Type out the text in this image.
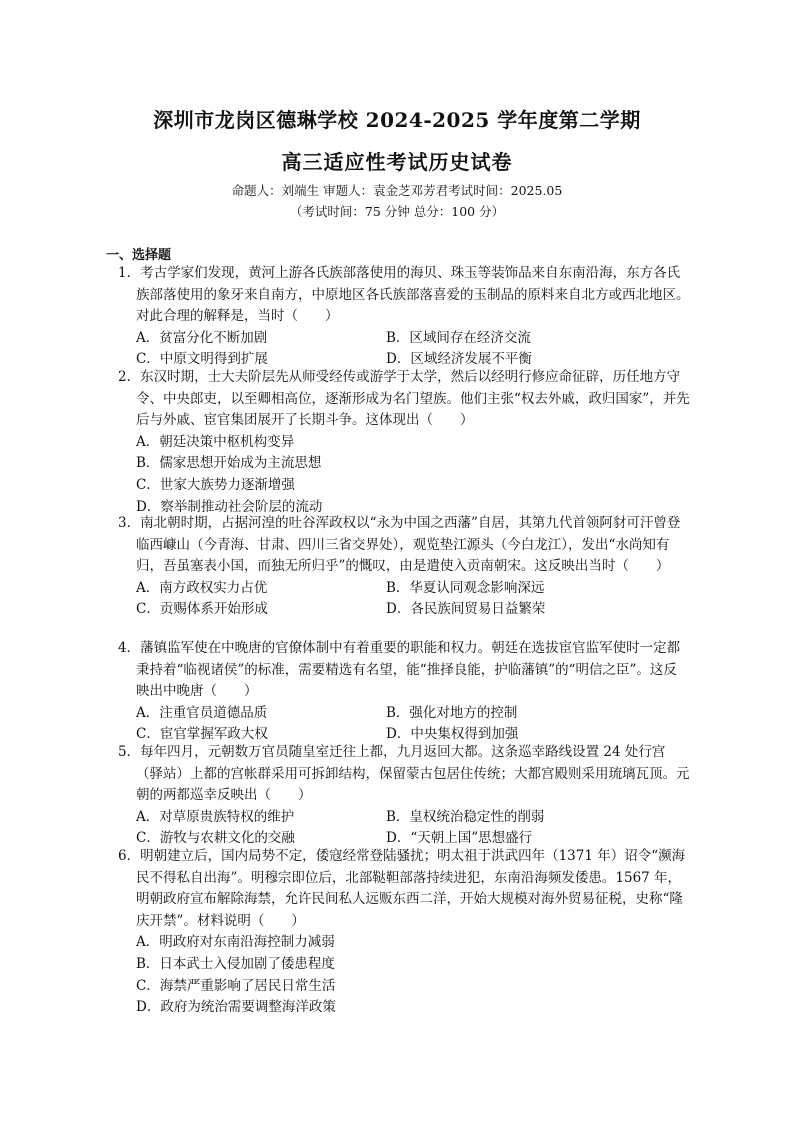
深圳市龙岗区德琳学校 2024-2025 学年度第二学期
高三适应性考试历史试卷
命题人：刘端生 审题人：袁金芝邓芳君考试时间：2025.05
（考试时间：75 分钟 总分：100 分）
一、选择题
1．考古学家们发现，黄河上游各氏族部落使用的海贝、珠玉等装饰品来自东南沿海，东方各氏族部落使用的象牙来自南方，中原地区各氏族部落喜爱的玉制品的原料来自北方或西北地区。对此合理的解释是，当时（　　）
A．贫富分化不断加剧	B．区域间存在经济交流
C．中原文明得到扩展	D．区域经济发展不平衡
2．东汉时期，士大夫阶层先从师受经传或游学于太学，然后以经明行修应命征辟，历任地方守令、中央郎吏，以至卿相高位，逐渐形成为名门望族。他们主张“权去外戚，政归国家”，并先后与外戚、宦官集团展开了长期斗争。这体现出（　　）
A．朝廷决策中枢机构变异
B．儒家思想开始成为主流思想
C．世家大族势力逐渐增强
D．察举制推动社会阶层的流动
3．南北朝时期，占据河湟的吐谷浑政权以“永为中国之西藩”自居，其第九代首领阿豺可汗曾登临西嵻山（今青海、甘肃、四川三省交界处），观览垫江源头（今白龙江），发出“水尚知有归，吾虽塞表小国，而独无所归乎”的慨叹，由是遣使入贡南朝宋。这反映出当时（　　）
A．南方政权实力占优	B．华夏认同观念影响深远
C．贡赐体系开始形成	D．各民族间贸易日益繁荣
4．藩镇监军使在中晚唐的官僚体制中有着重要的职能和权力。朝廷在选拔宦官监军使时一定都秉持着“临视诸侯”的标准，需要精选有名望，能“推择良能，护临藩镇”的“明信之臣”。这反映出中晚唐（　　）
A．注重官员道德品质	B．强化对地方的控制
C．宦官掌握军政大权	D．中央集权得到加强
5．每年四月，元朝数万官员随皇室迁往上都，九月返回大都。这条巡幸路线设置 24 处行宫（驿站）上都的宫帐群采用可拆卸结构，保留蒙古包居住传统；大都宫殿则采用琉璃瓦顶。元朝的两都巡幸反映出（　　）
A．对草原贵族特权的维护	B．皇权统治稳定性的削弱
C．游牧与农耕文化的交融	D．“天朝上国”思想盛行
6．明朝建立后，国内局势不定，倭寇经常登陆骚扰；明太祖于洪武四年（1371 年）诏令“濒海民不得私自出海”。明穆宗即位后，北部鞑靼部落持续进犯，东南沿海频发倭患。1567 年，明朝政府宣布解除海禁，允许民间私人远贩东西二洋，开始大规模对海外贸易征税，史称“隆庆开禁”。材料说明（　　）
A．明政府对东南沿海控制力减弱
B．日本武士入侵加剧了倭患程度
C．海禁严重影响了居民日常生活
D．政府为统治需要调整海洋政策
